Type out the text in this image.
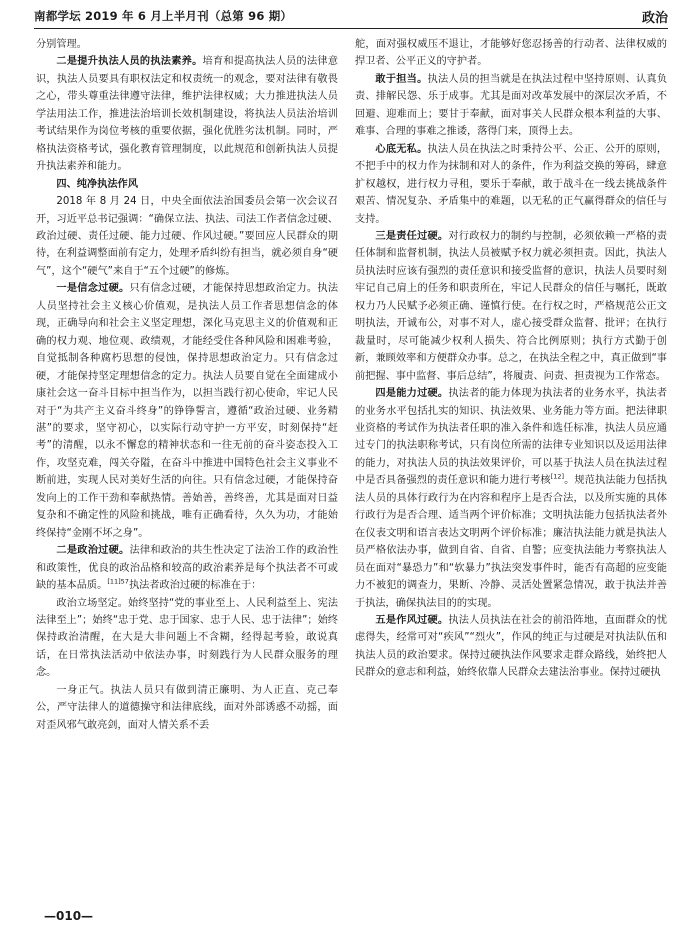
南都学坛 2019 年 6 月上半月刊（总第 96 期）	政治

分别管理。

二是提升执法人员的执法素养。培育和提高执法人员的法律意识，执法人员要具有职权法定和权责统一的观念，要对法律有敬畏之心，带头尊重法律遵守法律，维护法律权威；大力推进执法人员学法用法工作，推进法治培训长效机制建设，将执法人员法治培训考试结果作为岗位考核的重要依据，强化优胜劣汰机制。同时，严格执法资格考试，强化教育管理制度，以此规范和创新执法人员提升执法素养和能力。

四、纯净执法作风

2018 年 8 月 24 日，中央全面依法治国委员会第一次会议召开，习近平总书记强调：“确保立法、执法、司法工作者信念过硬、政治过硬、责任过硬、能力过硬、作风过硬。”要回应人民群众的期待，在利益调整面前有定力，处理矛盾纠纷有担当，就必须自身“硬气”，这个“硬气”来自于“五个过硬”的修炼。

一是信念过硬。只有信念过硬，才能保持思想政治定力。执法人员坚持社会主义核心价值观，是执法人员工作者思想信念的体现，正确导向和社会主义坚定理想，深化马克思主义的价值观和正确的权力观、地位观、政绩观，才能经受住各种风险和困难考验，自觉抵制各种腐朽思想的侵蚀，保持思想政治定力。只有信念过硬，才能保持坚定理想信念的定力。执法人员要自觉在全面建成小康社会这一奋斗目标中担当作为，以担当践行初心使命，牢记人民对于“为共产主义奋斗终身”的铮铮誓言，遵循“政治过硬、业务精湛”的要求，坚守初心，以实际行动守护一方平安，时刻保持“赶考”的清醒，以永不懈怠的精神状态和一往无前的奋斗姿态投入工作，攻坚克难，闯关夺隘，在奋斗中推进中国特色社会主义事业不断前进，实现人民对美好生活的向往。只有信念过硬，才能保持奋发向上的工作干劲和奉献热情。善始善，善终善，尤其是面对日益复杂和不确定性的风险和挑战，唯有正确看待，久久为功，才能始终保持“金刚不坏之身”。

二是政治过硬。法律和政治的共生性决定了法治工作的政治性和政策性，优良的政治品格和较高的政治素养是每个执法者不可或缺的基本品质。$^{[11]57}$执法者政治过硬的标准在于：

政治立场坚定。始终坚持“党的事业至上、人民利益至上、宪法法律至上”；始终“忠于党、忠于国家、忠于人民、忠于法律”；始终保持政治清醒，在大是大非问题上不含糊，经得起考验，敢说真话，在日常执法活动中依法办事，时刻践行为人民群众服务的理念。

一身正气。执法人员只有做到清正廉明、为人正直、克己奉公，严守法律人的道德操守和法律底线，面对外部诱惑不动摇，面对歪风邪气敢亮剑，面对人情关系不丢

舵，面对强权威压不退让，才能够好您忍扬善的行动者、法律权威的捍卫者、公平正义的守护者。

敢于担当。执法人员的担当就是在执法过程中坚持原则、认真负责、排解民怨、乐于成事。尤其是面对改革发展中的深层次矛盾，不回避、迎难而上；要甘于奉献，面对事关人民群众根本利益的大事、难事、合理的事难之推诿，落得门来，顶得上去。

心底无私。执法人员在执法之时秉持公平、公正、公开的原则，不把手中的权力作为抹制和对人的条件，作为利益交换的筹码，肆意扩权越权，进行权力寻租，要乐于奉献，敢于战斗在一线去挑战条件艰苦、情况复杂、矛盾集中的难题，以无私的正气赢得群众的信任与支持。

三是责任过硬。对行政权力的制约与控制，必须依赖一严格的责任体制和监督机制，执法人员被赋予权力就必须担责。因此，执法人员执法时应该有强烈的责任意识和接受监督的意识，执法人员要时刻牢记自己肩上的任务和职责所在，牢记人民群众的信任与嘱托，既敢权力乃人民赋予必须正确、谨慎行使。在行权之时，严格规范公正文明执法，开诚布公，对事不对人，虚心接受群众监督、批评；在执行裁量时，尽可能减少权利人损失、符合比例原则；执行方式勤于创新，兼顾效率和方便群众办事。总之，在执法全程之中，真正做到“事前把握、事中监督、事后总结”，将履责、问责、担责视为工作常态。

四是能力过硬。执法者的能力体现为执法者的业务水平，执法者的业务水平包括扎实的知识、执法效果、业务能力等方面。把法律职业资格的考试作为执法者任职的准入条件和选任标准，执法人员应通过专门的执法职称考试，只有岗位所需的法律专业知识以及运用法律的能力，对执法人员的执法效果评价，可以基于执法人员在执法过程中是否具备强烈的责任意识和能力进行考核[12]。规范执法能力包括执法人员的具体行政行为在内容和程序上是否合法，以及所实施的具体行政行为是否合理、适当两个评价标准；文明执法能力包括执法者外在仪表文明和语言表达文明两个评价标准；廉洁执法能力就是执法人员严格依法办事，做到自省、自省、自警；应变执法能力考察执法人员在面对“暴恐力”和“软暴力”执法突发事件时，能否有高超的应变能力不被犯的调查力，果断、冷静、灵活处置紧急情况，敢于执法并善于执法，确保执法目的的实现。

五是作风过硬。执法人员执法在社会的前沿阵地，直面群众的忧虑得失，经常可对“疾风”“烈火”，作风的纯正与过硬是对执法队伍和执法人员的政治要求。保持过硬执法作风要求走群众路线，始终把人民群众的意志和利益，始终依靠人民群众去建法治事业。保持过硬执

—010—
